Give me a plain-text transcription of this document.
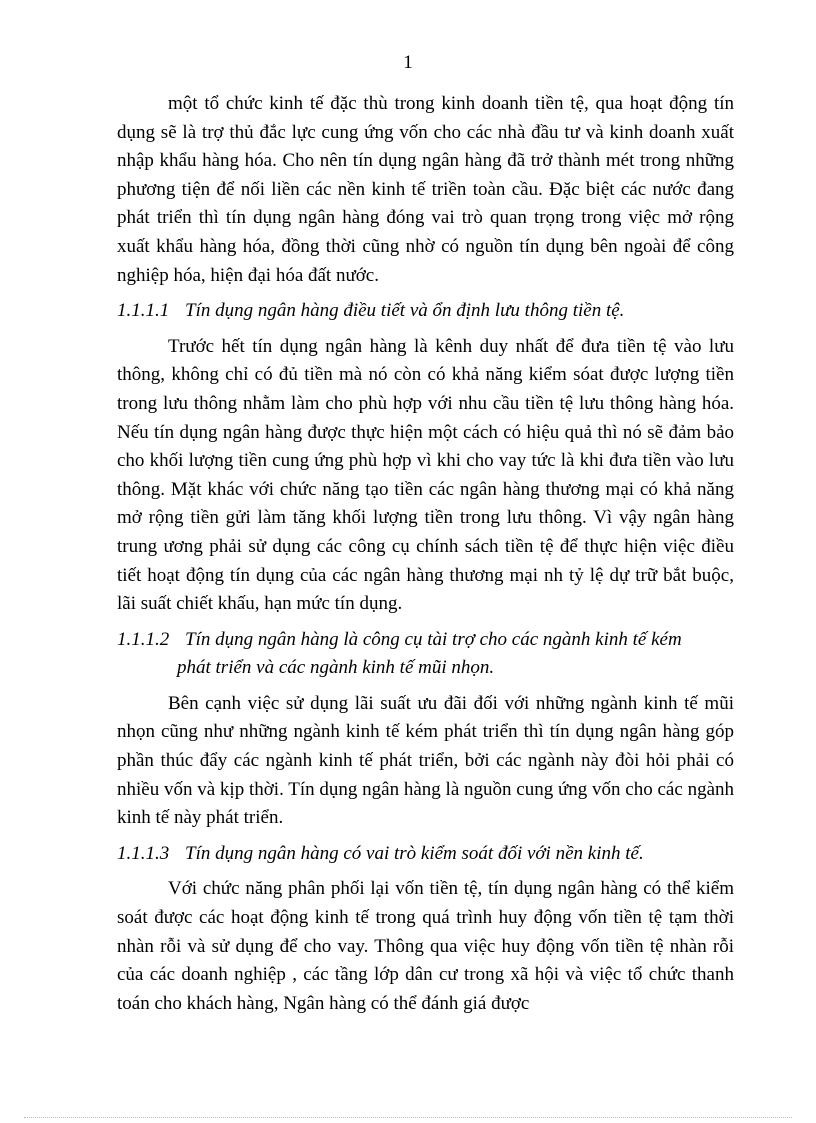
1

một tổ chức kinh tế đặc thù trong kinh doanh tiền tệ, qua hoạt động tín dụng sẽ là trợ thủ đắc lực cung ứng vốn cho các nhà đầu tư và kinh doanh xuất nhập khẩu hàng hóa. Cho nên tín dụng ngân hàng đã trở thành mét trong những phương tiện để nối liền các nền kinh tế triền toàn cầu. Đặc biệt các nước đang phát triển thì tín dụng ngân hàng đóng vai trò quan trọng trong việc mở rộng xuất khẩu hàng hóa, đồng thời cũng nhờ có nguồn tín dụng bên ngoài để công nghiệp hóa, hiện đại hóa đất nước.

1.1.1.1 Tín dụng ngân hàng điều tiết và ổn định lưu thông tiền tệ.

Trước hết tín dụng ngân hàng là kênh duy nhất để đưa tiền tệ vào lưu thông, không chỉ có đủ tiền mà nó còn có khả năng kiểm sóat được lượng tiền trong lưu thông nhằm làm cho phù hợp với nhu cầu tiền tệ lưu thông hàng hóa. Nếu tín dụng ngân hàng được thực hiện một cách có hiệu quả thì nó sẽ đảm bảo cho khối lượng tiền cung ứng phù hợp vì khi cho vay tức là khi đưa tiền vào lưu thông. Mặt khác với chức năng tạo tiền các ngân hàng thương mại có khả năng mở rộng tiền gửi làm tăng khối lượng tiền trong lưu thông. Vì vậy ngân hàng trung ương phải sử dụng các công cụ chính sách tiền tệ để thực hiện việc điều tiết hoạt động tín dụng của các ngân hàng thương mại nh tỷ lệ dự trữ bắt buộc, lãi suất chiết khấu, hạn mức tín dụng.

1.1.1.2 Tín dụng ngân hàng là công cụ tài trợ cho các ngành kinh tế kém
phát triển và các ngành kinh tế mũi nhọn.

Bên cạnh việc sử dụng lãi suất ưu đãi đối với những ngành kinh tế mũi nhọn cũng như những ngành kinh tế kém phát triển thì tín dụng ngân hàng góp phần thúc đẩy các ngành kinh tế phát triển, bởi các ngành này đòi hỏi phải có nhiều vốn và kịp thời. Tín dụng ngân hàng là nguồn cung ứng vốn cho các ngành kinh tế này phát triển.

1.1.1.3 Tín dụng ngân hàng có vai trò kiểm soát đối với nền kinh tế.

Với chức năng phân phối lại vốn tiền tệ, tín dụng ngân hàng có thể kiểm soát được các hoạt động kinh tế trong quá trình huy động vốn tiền tệ tạm thời nhàn rỗi và sử dụng để cho vay. Thông qua việc huy động vốn tiền tệ nhàn rỗi của các doanh nghiệp , các tầng lớp dân cư trong xã hội và việc tổ chức thanh toán cho khách hàng, Ngân hàng có thể đánh giá được
